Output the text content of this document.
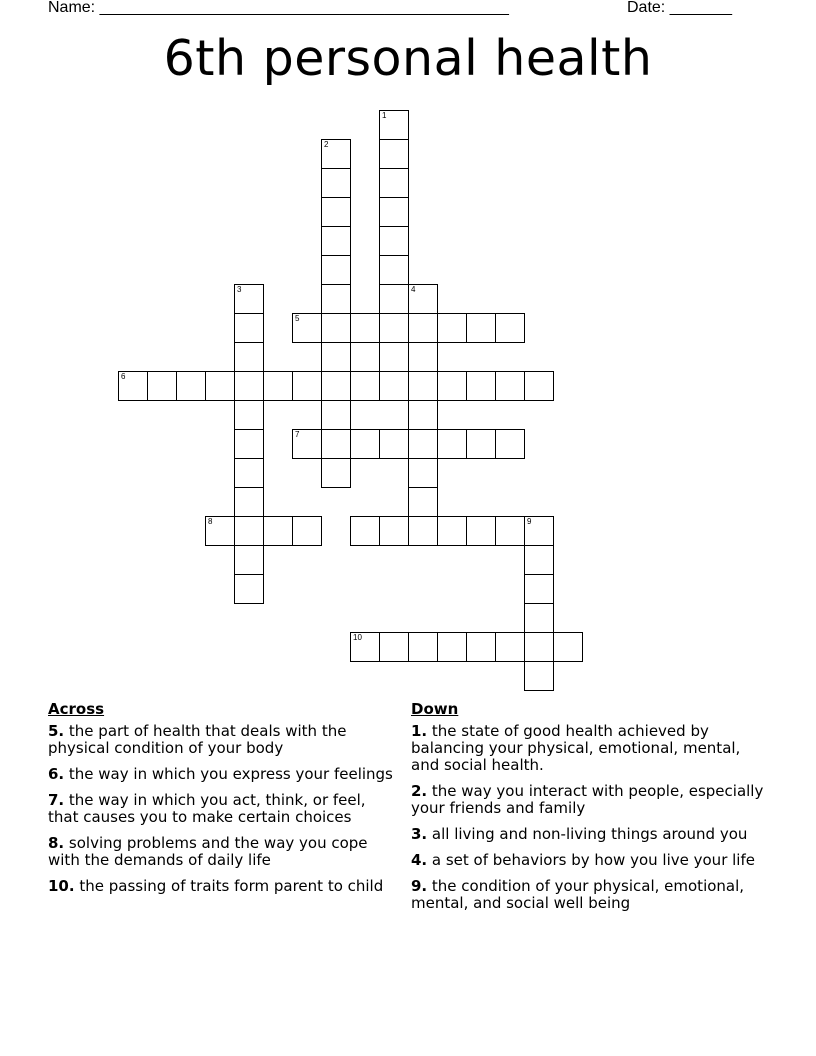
Name: ______________________________________________	Date: _______
6th personal health
1
2
3	4
5
6
7
8	9
10
Across
5. the part of health that deals with the physical condition of your body
6. the way in which you express your feelings
7. the way in which you act, think, or feel, that causes you to make certain choices
8. solving problems and the way you cope with the demands of daily life
10. the passing of traits form parent to child
Down
1. the state of good health achieved by balancing your physical, emotional, mental, and social health.
2. the way you interact with people, especially your friends and family
3. all living and non-living things around you
4. a set of behaviors by how you live your life
9. the condition of your physical, emotional, mental, and social well being
